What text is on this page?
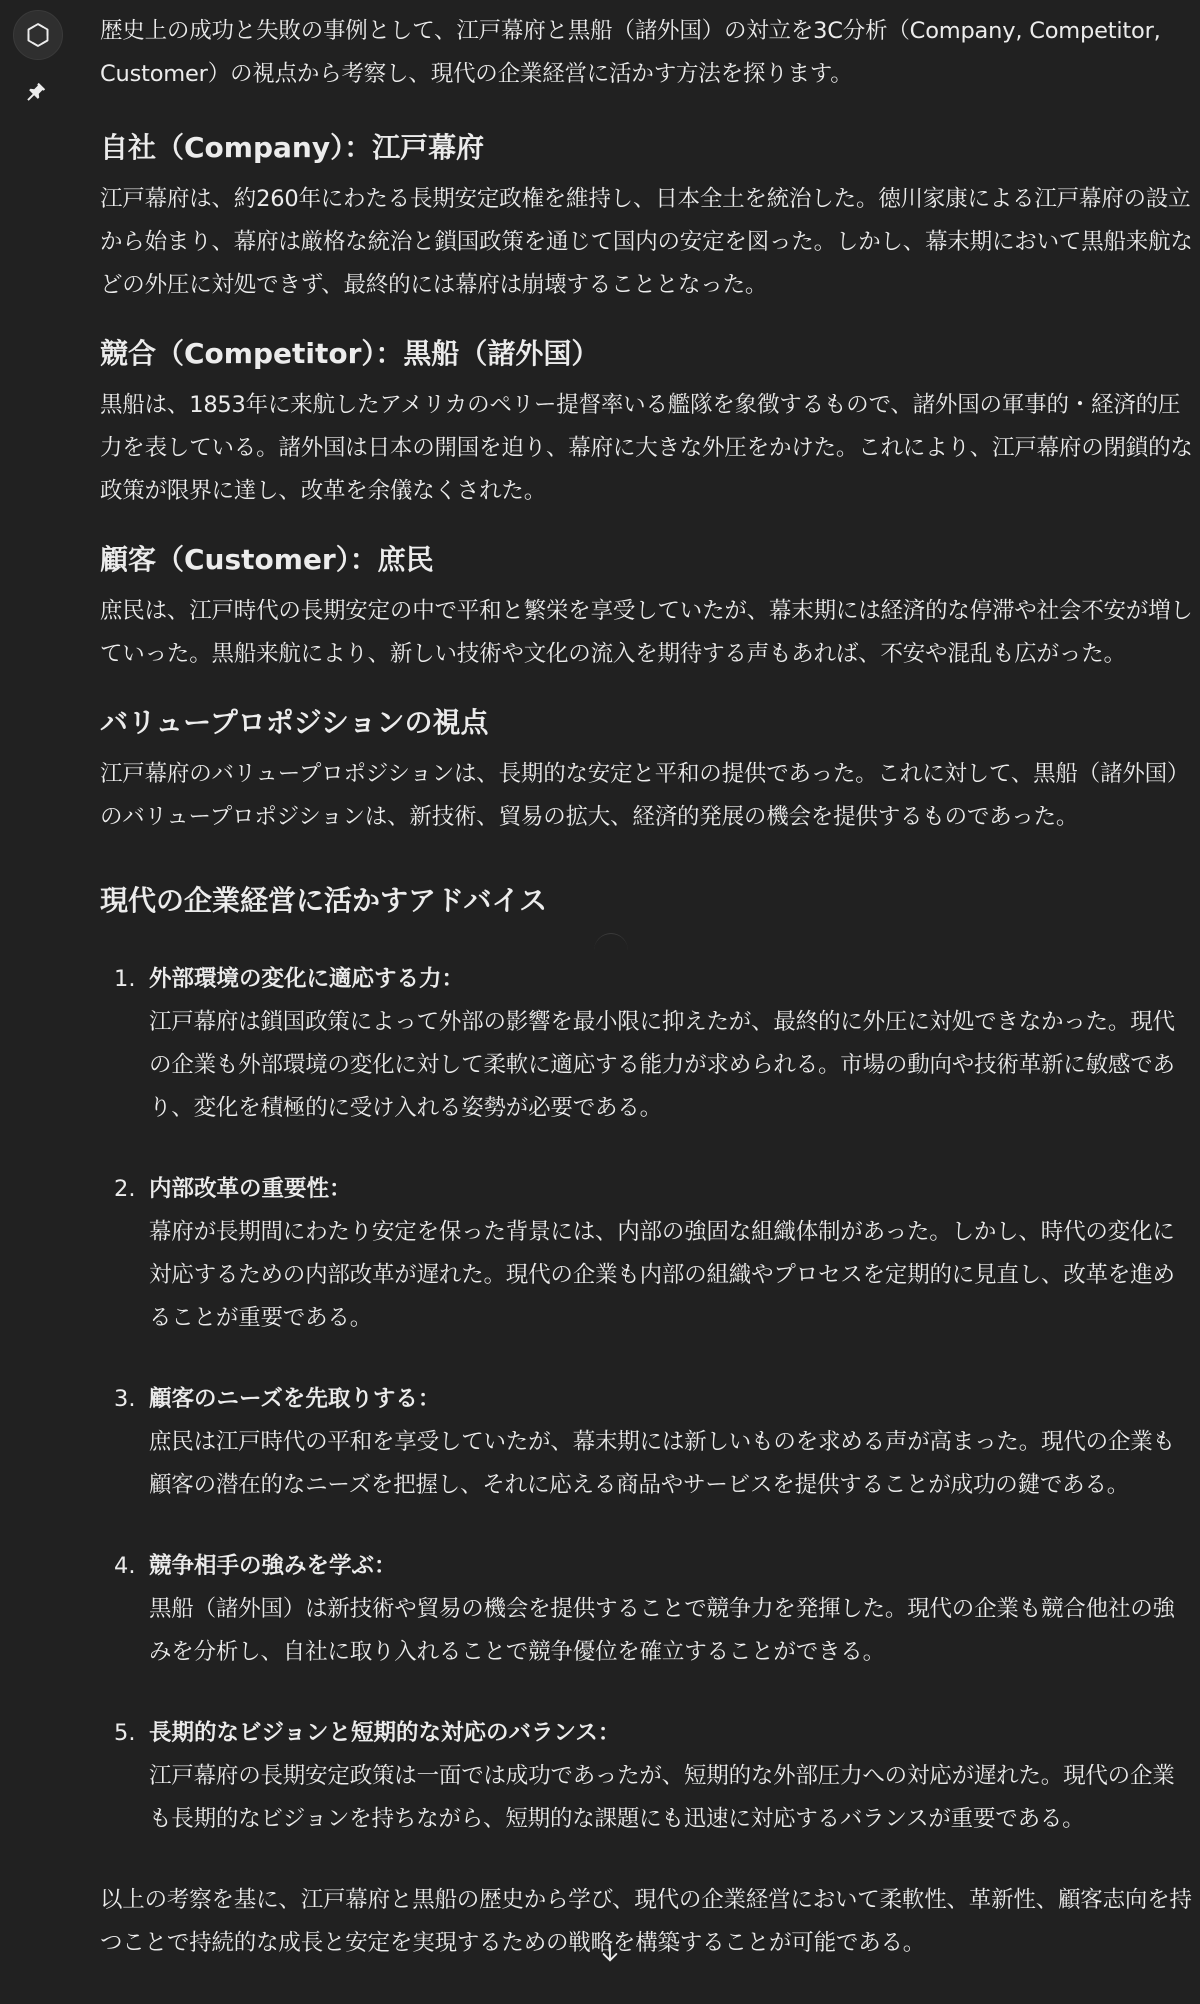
歴史上の成功と失敗の事例として、江戸幕府と黒船（諸外国）の対立を3C分析（Company, Competitor, Customer）の視点から考察し、現代の企業経営に活かす方法を探ります。

自社（Company）：江戸幕府

江戸幕府は、約260年にわたる長期安定政権を維持し、日本全土を統治した。徳川家康による江戸幕府の設立から始まり、幕府は厳格な統治と鎖国政策を通じて国内の安定を図った。しかし、幕末期において黒船来航などの外圧に対処できず、最終的には幕府は崩壊することとなった。

競合（Competitor）：黒船（諸外国）

黒船は、1853年に来航したアメリカのペリー提督率いる艦隊を象徴するもので、諸外国の軍事的・経済的圧力を表している。諸外国は日本の開国を迫り、幕府に大きな外圧をかけた。これにより、江戸幕府の閉鎖的な政策が限界に達し、改革を余儀なくされた。

顧客（Customer）：庶民

庶民は、江戸時代の長期安定の中で平和と繁栄を享受していたが、幕末期には経済的な停滞や社会不安が増していった。黒船来航により、新しい技術や文化の流入を期待する声もあれば、不安や混乱も広がった。

バリュープロポジションの視点

江戸幕府のバリュープロポジションは、長期的な安定と平和の提供であった。これに対して、黒船（諸外国）のバリュープロポジションは、新技術、貿易の拡大、経済的発展の機会を提供するものであった。

現代の企業経営に活かすアドバイス
1. 外部環境の変化に適応する力：
江戸幕府は鎖国政策によって外部の影響を最小限に抑えたが、最終的に外圧に対処できなかった。現代の企業も外部環境の変化に対して柔軟に適応する能力が求められる。市場の動向や技術革新に敏感であり、変化を積極的に受け入れる姿勢が必要である。
2. 内部改革の重要性：
幕府が長期間にわたり安定を保った背景には、内部の強固な組織体制があった。しかし、時代の変化に対応するための内部改革が遅れた。現代の企業も内部の組織やプロセスを定期的に見直し、改革を進めることが重要である。
3. 顧客のニーズを先取りする：
庶民は江戸時代の平和を享受していたが、幕末期には新しいものを求める声が高まった。現代の企業も顧客の潜在的なニーズを把握し、それに応える商品やサービスを提供することが成功の鍵である。
4. 競争相手の強みを学ぶ：
黒船（諸外国）は新技術や貿易の機会を提供することで競争力を発揮した。現代の企業も競合他社の強みを分析し、自社に取り入れることで競争優位を確立することができる。
5. 長期的なビジョンと短期的な対応のバランス：
江戸幕府の長期安定政策は一面では成功であったが、短期的な外部圧力への対応が遅れた。現代の企業も長期的なビジョンを持ちながら、短期的な課題にも迅速に対応するバランスが重要である。

以上の考察を基に、江戸幕府と黒船の歴史から学び、現代の企業経営において柔軟性、革新性、顧客志向を持つことで持続的な成長と安定を実現するための戦略を構築することが可能である。
